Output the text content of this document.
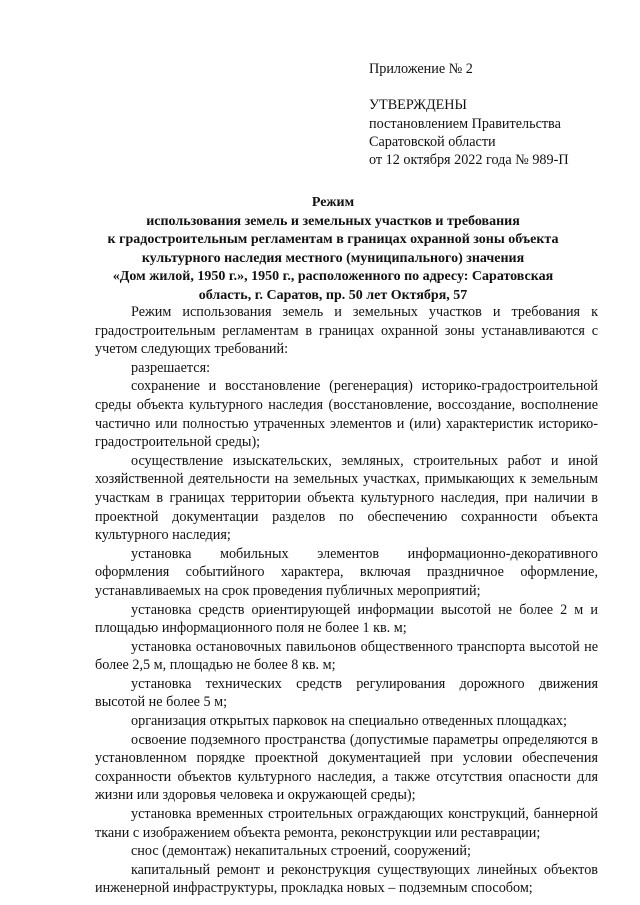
Приложение № 2
УТВЕРЖДЕНЫ
постановлением Правительства
Саратовской области
от 12 октября 2022 года № 989-П
Режим
использования земель и земельных участков и требования
к градостроительным регламентам в границах охранной зоны объекта
культурного наследия местного (муниципального) значения
«Дом жилой, 1950 г.», 1950 г., расположенного по адресу: Саратовская
область, г. Саратов, пр. 50 лет Октября, 57

Режим использования земель и земельных участков и требования к градостроительным регламентам в границах охранной зоны устанавливаются с учетом следующих требований:

разрешается:

сохранение и восстановление (регенерация) историко-градостроительной среды объекта культурного наследия (восстановление, воссоздание, восполнение частично или полностью утраченных элементов и (или) характеристик историко-градостроительной среды);

осуществление изыскательских, земляных, строительных работ и иной хозяйственной деятельности на земельных участках, примыкающих к земельным участкам в границах территории объекта культурного наследия, при наличии в проектной документации разделов по обеспечению сохранности объекта культурного наследия;

установка мобильных элементов информационно-декоративного оформления событийного характера, включая праздничное оформление, устанавливаемых на срок проведения публичных мероприятий;

установка средств ориентирующей информации высотой не более 2 м и площадью информационного поля не более 1 кв. м;

установка остановочных павильонов общественного транспорта высотой не более 2,5 м, площадью не более 8 кв. м;

установка технических средств регулирования дорожного движения высотой не более 5 м;

организация открытых парковок на специально отведенных площадках;

освоение подземного пространства (допустимые параметры определяются в установленном порядке проектной документацией при условии обеспечения сохранности объектов культурного наследия, а также отсутствия опасности для жизни или здоровья человека и окружающей среды);

установка временных строительных ограждающих конструкций, баннерной ткани с изображением объекта ремонта, реконструкции или реставрации;

снос (демонтаж) некапитальных строений, сооружений;

капитальный ремонт и реконструкция существующих линейных объектов инженерной инфраструктуры, прокладка новых – подземным способом;
